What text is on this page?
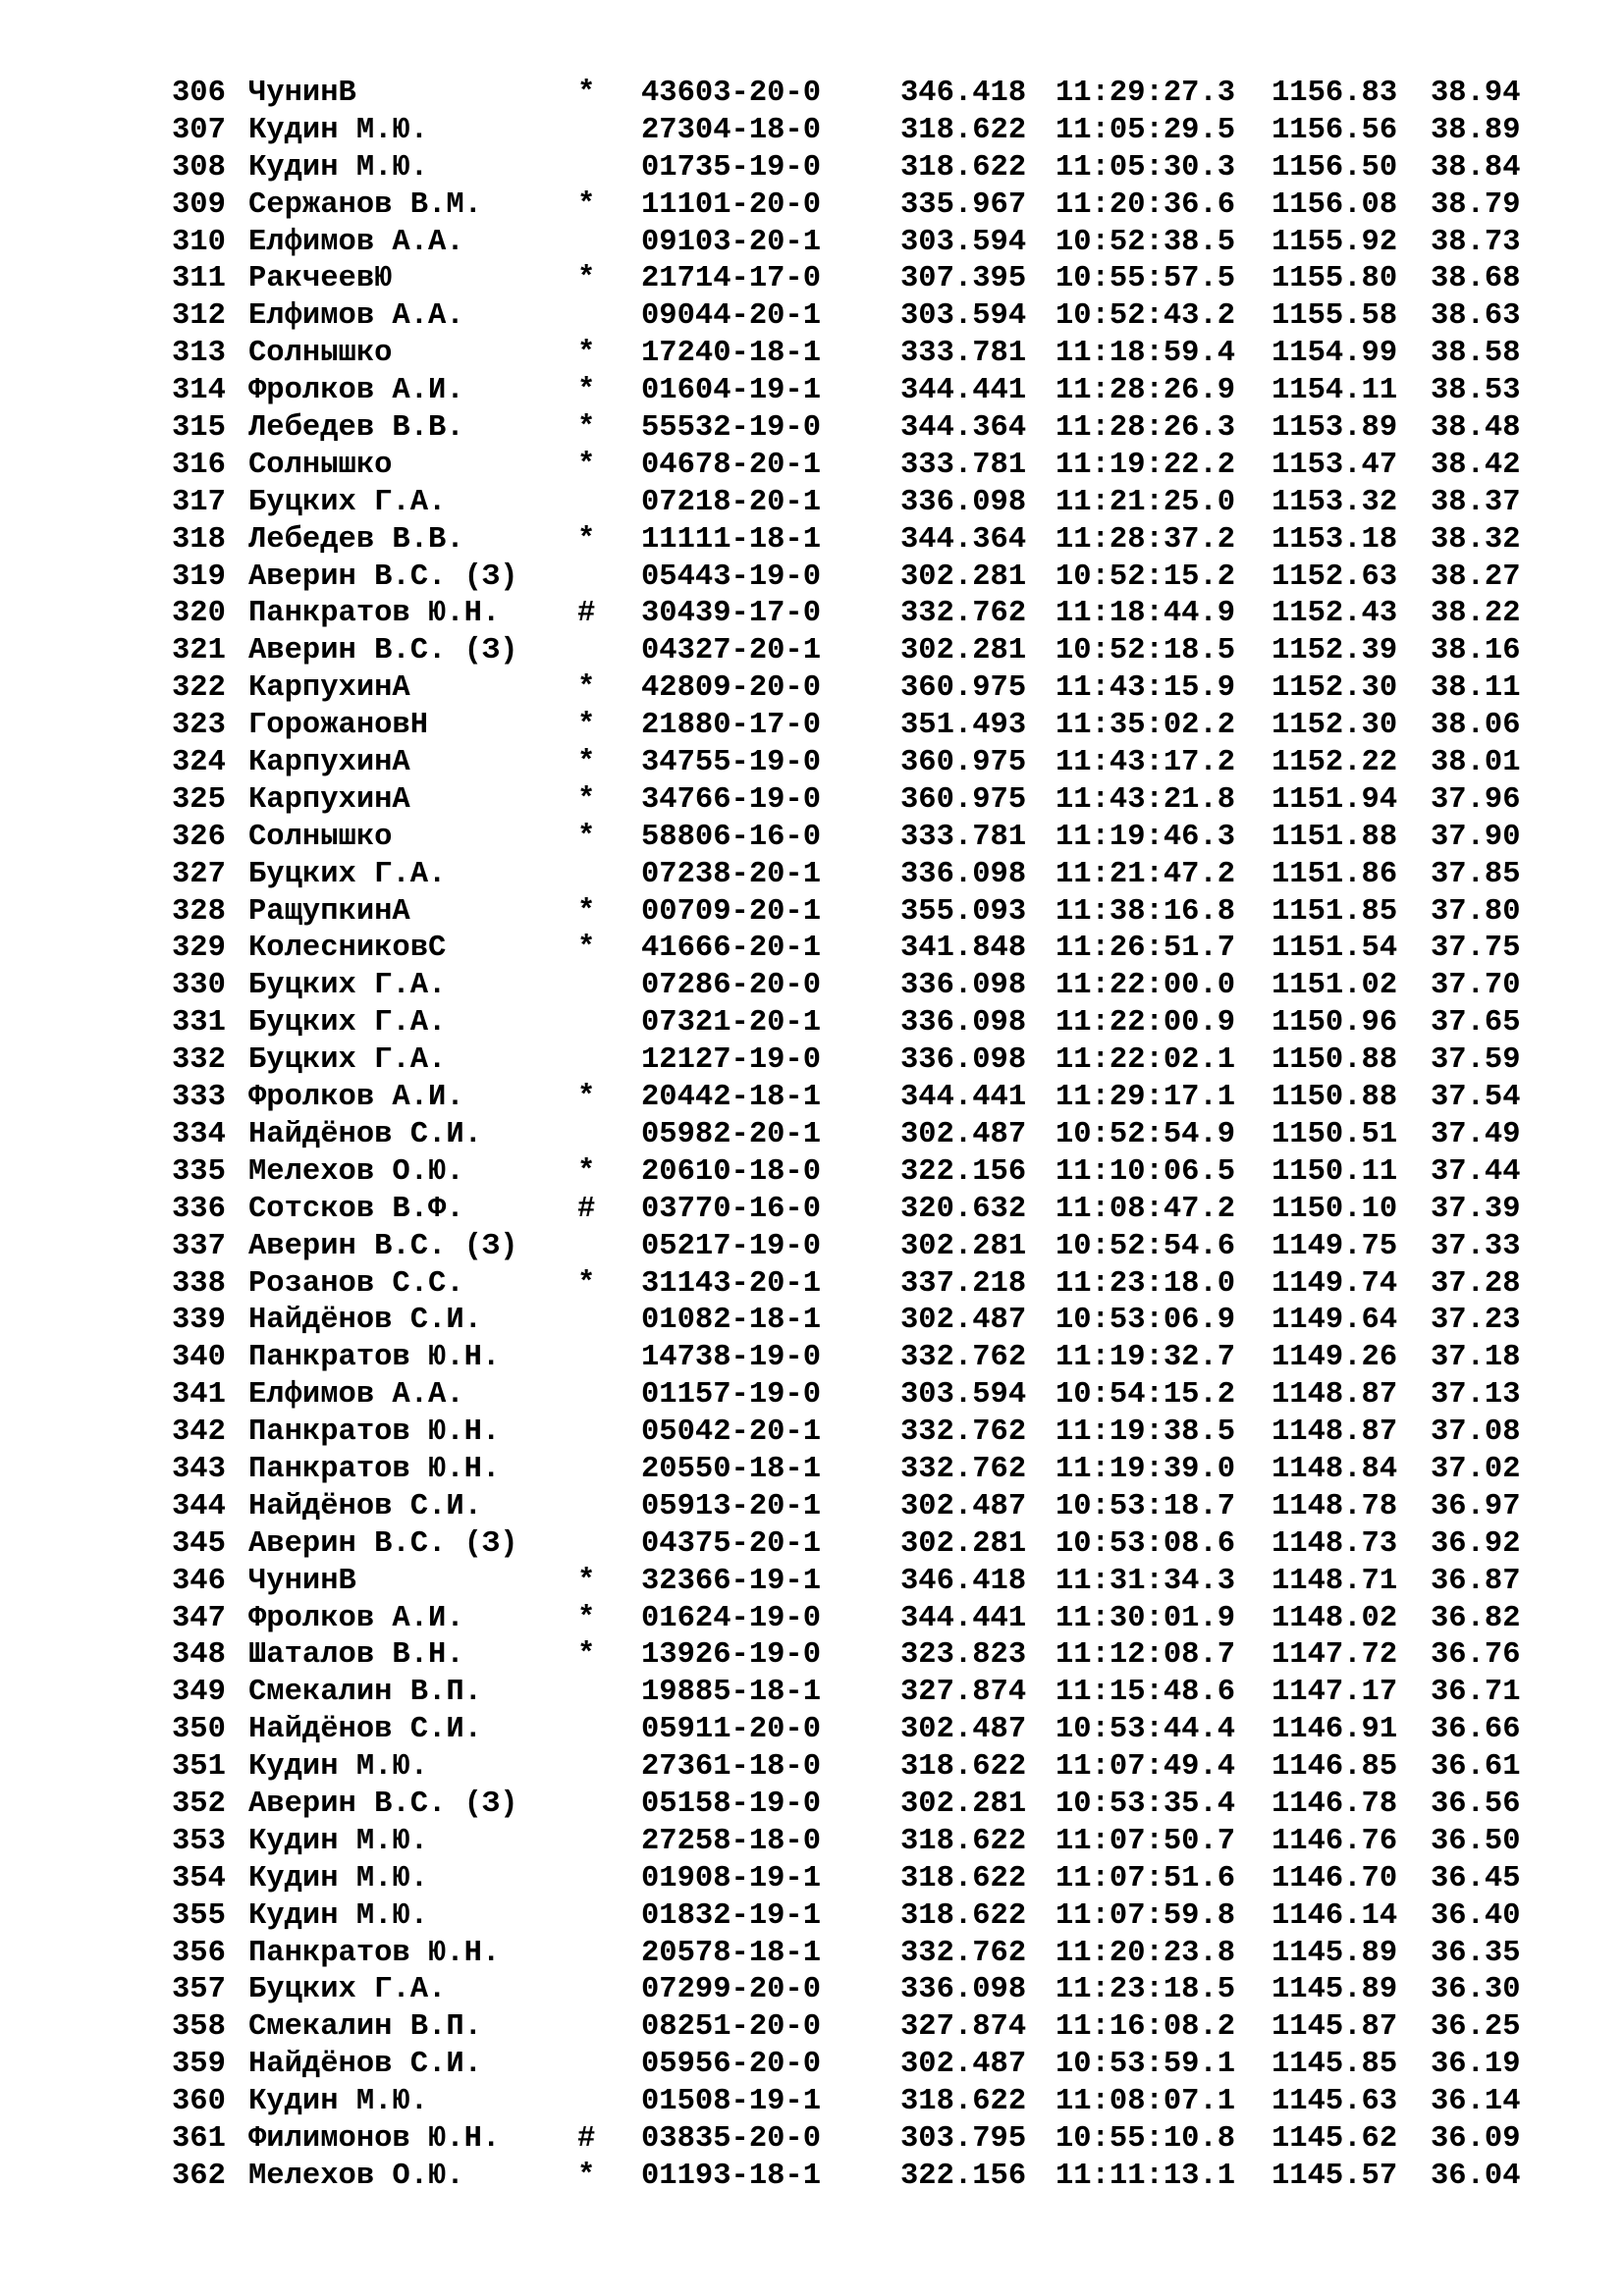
306 ЧунинВ	*	43603-20-0	346.418 11:29:27.3	1156.83	38.94
307 Кудин М.Ю.	27304-18-0	318.622 11:05:29.5	1156.56	38.89
308 Кудин М.Ю.	01735-19-0	318.622 11:05:30.3	1156.50	38.84
309 Сержанов В.М.	*	11101-20-0	335.967 11:20:36.6	1156.08	38.79
310 Елфимов А.А.	09103-20-1	303.594 10:52:38.5	1155.92	38.73
311 РакчеевЮ	*	21714-17-0	307.395 10:55:57.5	1155.80	38.68
312 Елфимов А.А.	09044-20-1	303.594 10:52:43.2	1155.58	38.63
313 Солнышко	*	17240-18-1	333.781 11:18:59.4	1154.99	38.58
314 Фролков А.И.	*	01604-19-1	344.441 11:28:26.9	1154.11	38.53
315 Лебедев В.В.	*	55532-19-0	344.364 11:28:26.3	1153.89	38.48
316 Солнышко	*	04678-20-1	333.781 11:19:22.2	1153.47	38.42
317 Буцких Г.А.	07218-20-1	336.098 11:21:25.0	1153.32	38.37
318 Лебедев В.В.	*	11111-18-1	344.364 11:28:37.2	1153.18	38.32
319 Аверин В.С. (З)	05443-19-0	302.281 10:52:15.2	1152.63	38.27
320 Панкратов Ю.Н.	#	30439-17-0	332.762 11:18:44.9	1152.43	38.22
321 Аверин В.С. (З)	04327-20-1	302.281 10:52:18.5	1152.39	38.16
322 КарпухинА	*	42809-20-0	360.975 11:43:15.9	1152.30	38.11
323 ГорожановН	*	21880-17-0	351.493 11:35:02.2	1152.30	38.06
324 КарпухинА	*	34755-19-0	360.975 11:43:17.2	1152.22	38.01
325 КарпухинА	*	34766-19-0	360.975 11:43:21.8	1151.94	37.96
326 Солнышко	*	58806-16-0	333.781 11:19:46.3	1151.88	37.90
327 Буцких Г.А.	07238-20-1	336.098 11:21:47.2	1151.86	37.85
328 РащупкинА	*	00709-20-1	355.093 11:38:16.8	1151.85	37.80
329 КолесниковС	*	41666-20-1	341.848 11:26:51.7	1151.54	37.75
330 Буцких Г.А.	07286-20-0	336.098 11:22:00.0	1151.02	37.70
331 Буцких Г.А.	07321-20-1	336.098 11:22:00.9	1150.96	37.65
332 Буцких Г.А.	12127-19-0	336.098 11:22:02.1	1150.88	37.59
333 Фролков А.И.	*	20442-18-1	344.441 11:29:17.1	1150.88	37.54
334 Найдёнов С.И.	05982-20-1	302.487 10:52:54.9	1150.51	37.49
335 Мелехов О.Ю.	*	20610-18-0	322.156 11:10:06.5	1150.11	37.44
336 Сотсков В.Ф.	#	03770-16-0	320.632 11:08:47.2	1150.10	37.39
337 Аверин В.С. (З)	05217-19-0	302.281 10:52:54.6	1149.75	37.33
338 Розанов С.С.	*	31143-20-1	337.218 11:23:18.0	1149.74	37.28
339 Найдёнов С.И.	01082-18-1	302.487 10:53:06.9	1149.64	37.23
340 Панкратов Ю.Н.	14738-19-0	332.762 11:19:32.7	1149.26	37.18
341 Елфимов А.А.	01157-19-0	303.594 10:54:15.2	1148.87	37.13
342 Панкратов Ю.Н.	05042-20-1	332.762 11:19:38.5	1148.87	37.08
343 Панкратов Ю.Н.	20550-18-1	332.762 11:19:39.0	1148.84	37.02
344 Найдёнов С.И.	05913-20-1	302.487 10:53:18.7	1148.78	36.97
345 Аверин В.С. (З)	04375-20-1	302.281 10:53:08.6	1148.73	36.92
346 ЧунинВ	*	32366-19-1	346.418 11:31:34.3	1148.71	36.87
347 Фролков А.И.	*	01624-19-0	344.441 11:30:01.9	1148.02	36.82
348 Шаталов В.Н.	*	13926-19-0	323.823 11:12:08.7	1147.72	36.76
349 Смекалин В.П.	19885-18-1	327.874 11:15:48.6	1147.17	36.71
350 Найдёнов С.И.	05911-20-0	302.487 10:53:44.4	1146.91	36.66
351 Кудин М.Ю.	27361-18-0	318.622 11:07:49.4	1146.85	36.61
352 Аверин В.С. (З)	05158-19-0	302.281 10:53:35.4	1146.78	36.56
353 Кудин М.Ю.	27258-18-0	318.622 11:07:50.7	1146.76	36.50
354 Кудин М.Ю.	01908-19-1	318.622 11:07:51.6	1146.70	36.45
355 Кудин М.Ю.	01832-19-1	318.622 11:07:59.8	1146.14	36.40
356 Панкратов Ю.Н.	20578-18-1	332.762 11:20:23.8	1145.89	36.35
357 Буцких Г.А.	07299-20-0	336.098 11:23:18.5	1145.89	36.30
358 Смекалин В.П.	08251-20-0	327.874 11:16:08.2	1145.87	36.25
359 Найдёнов С.И.	05956-20-0	302.487 10:53:59.1	1145.85	36.19
360 Кудин М.Ю.	01508-19-1	318.622 11:08:07.1	1145.63	36.14
361 Филимонов Ю.Н.	#	03835-20-0	303.795 10:55:10.8	1145.62	36.09
362 Мелехов О.Ю.	*	01193-18-1	322.156 11:11:13.1	1145.57	36.04
